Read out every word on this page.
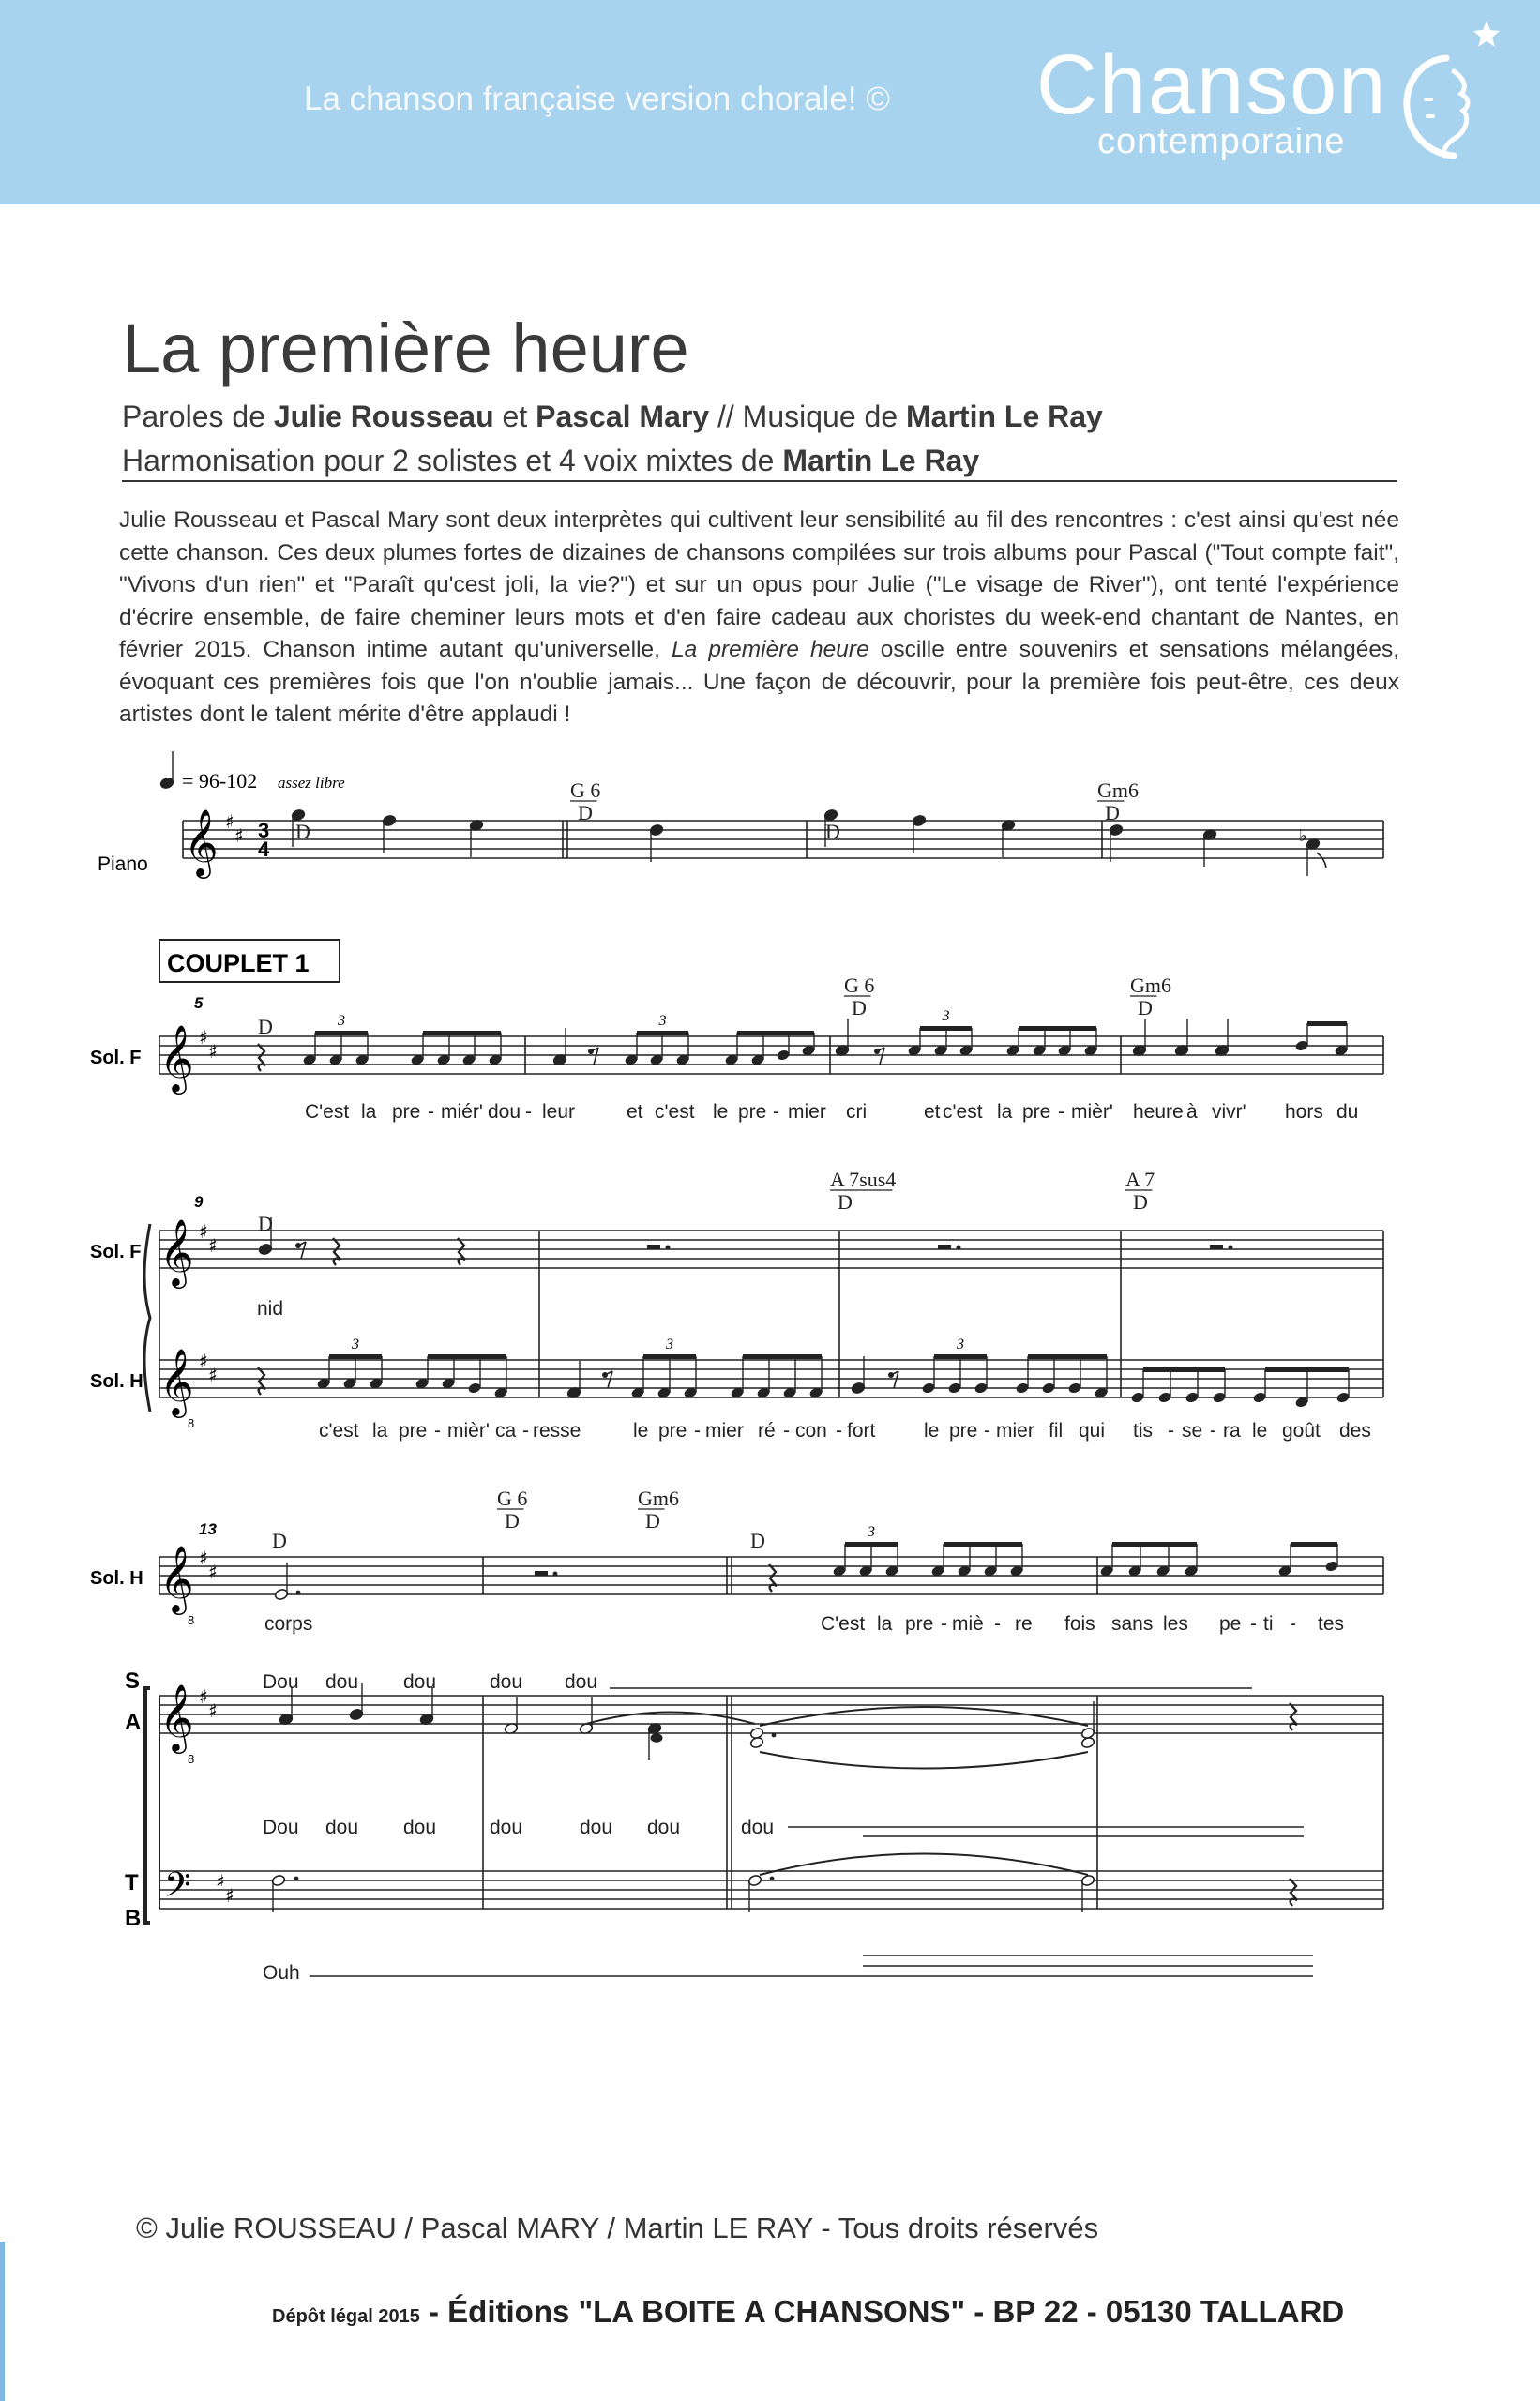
La chanson française version chorale! ©	Chanson
contemporaine
La première heure
Paroles de Julie Rousseau et Pascal Mary // Musique de Martin Le Ray
Harmonisation pour 2 solistes et 4 voix mixtes de Martin Le Ray
Julie Rousseau et Pascal Mary sont deux interprètes qui cultivent leur sensibilité au fil des rencontres : c'est ainsi qu'est née cette chanson. Ces deux plumes fortes de dizaines de chansons compilées sur trois albums pour Pascal ("Tout compte fait", "Vivons d'un rien" et "Paraît qu'cest joli, la vie?") et sur un opus pour Julie ("Le visage de River"), ont tenté l'expérience d'écrire ensemble, de faire cheminer leurs mots et d'en faire cadeau aux choristes du week-end chantant de Nantes, en février 2015. Chanson intime autant qu'universelle, La première heure oscille entre souvenirs et sensations mélangées, évoquant ces premières fois que l'on n'oublie jamais... Une façon de découvrir, pour la première fois peut-être, ces deux artistes dont le talent mérite d'être applaudi !
Piano 𝄞 ♯
♯ 3
4
♭
= 96-102 assez libre
D
G 6
D
D
Gm6
D
COUPLET 1
Sol. F
5
𝄞 ♯
♯
3	3	3
D
G 6
D
Gm6
D
C'est la pre - miér' dou - leur	et c'est le pre - mier cri	et c'est la pre - mièr' heure à vivr' hors du
Sol. F
Sol. H
9
𝄞
𝄞
8
♯
♯
♯
♯
nid
3	3	3
D
A 7sus4
D
A 7
D
c'est la pre - mièr' ca - resse	le pre - mier ré - con - fort le pre - mier fil qui tis - se - ra le goût des
Sol. H
S
A
T
B
13
𝄞
𝄞
𝄢
8
8
♯
♯
♯
♯
♯
♯
3
D
G 6
D
Gm6
D
D
corps	C'est la pre - miè - re fois sans les pe - ti - tes
Dou dou dou	dou dou
Dou dou dou	dou	dou dou	dou
Ouh
© Julie ROUSSEAU / Pascal MARY / Martin LE RAY - Tous droits réservés
Dépôt légal 2015 - Éditions "LA BOITE A CHANSONS" - BP 22 - 05130 TALLARD
